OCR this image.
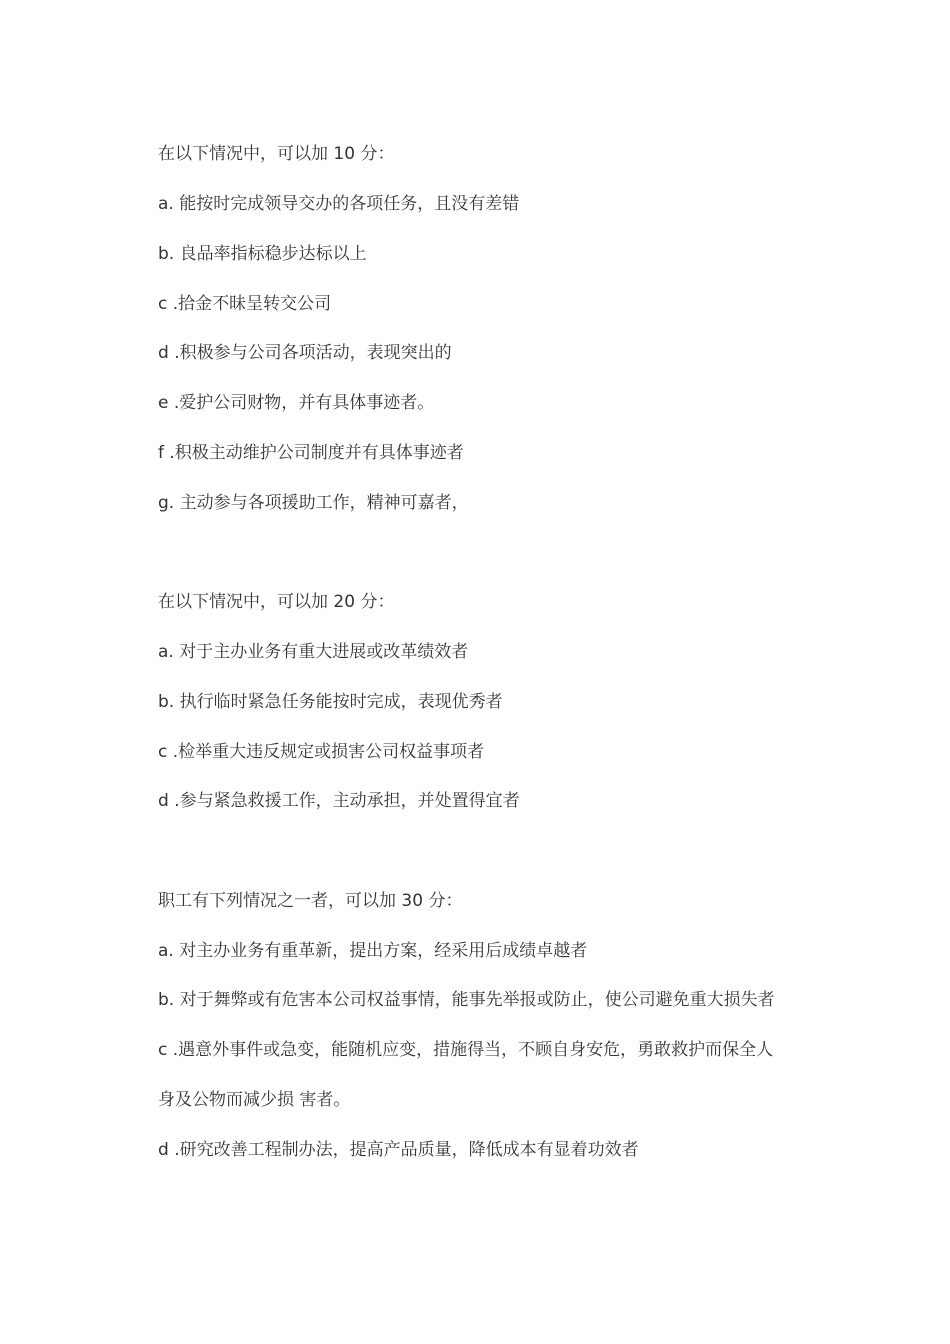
在以下情况中，可以加 10 分：
a. 能按时完成领导交办的各项任务，且没有差错
b. 良品率指标稳步达标以上
c .拾金不昧呈转交公司
d .积极参与公司各项活动，表现突出的
e .爱护公司财物，并有具体事迹者。
f .积极主动维护公司制度并有具体事迹者
g. 主动参与各项援助工作，精神可嘉者，
在以下情况中，可以加 20 分：
a. 对于主办业务有重大进展或改革绩效者
b. 执行临时紧急任务能按时完成，表现优秀者
c .检举重大违反规定或损害公司权益事项者
d .参与紧急救援工作，主动承担，并处置得宜者
职工有下列情况之一者，可以加 30 分：
a. 对主办业务有重革新，提出方案，经采用后成绩卓越者
b. 对于舞弊或有危害本公司权益事情，能事先举报或防止，使公司避免重大损失者
c .遇意外事件或急变，能随机应变，措施得当，不顾自身安危，勇敢救护而保全人
身及公物而减少损 害者。
d .研究改善工程制办法，提高产品质量，降低成本有显着功效者
